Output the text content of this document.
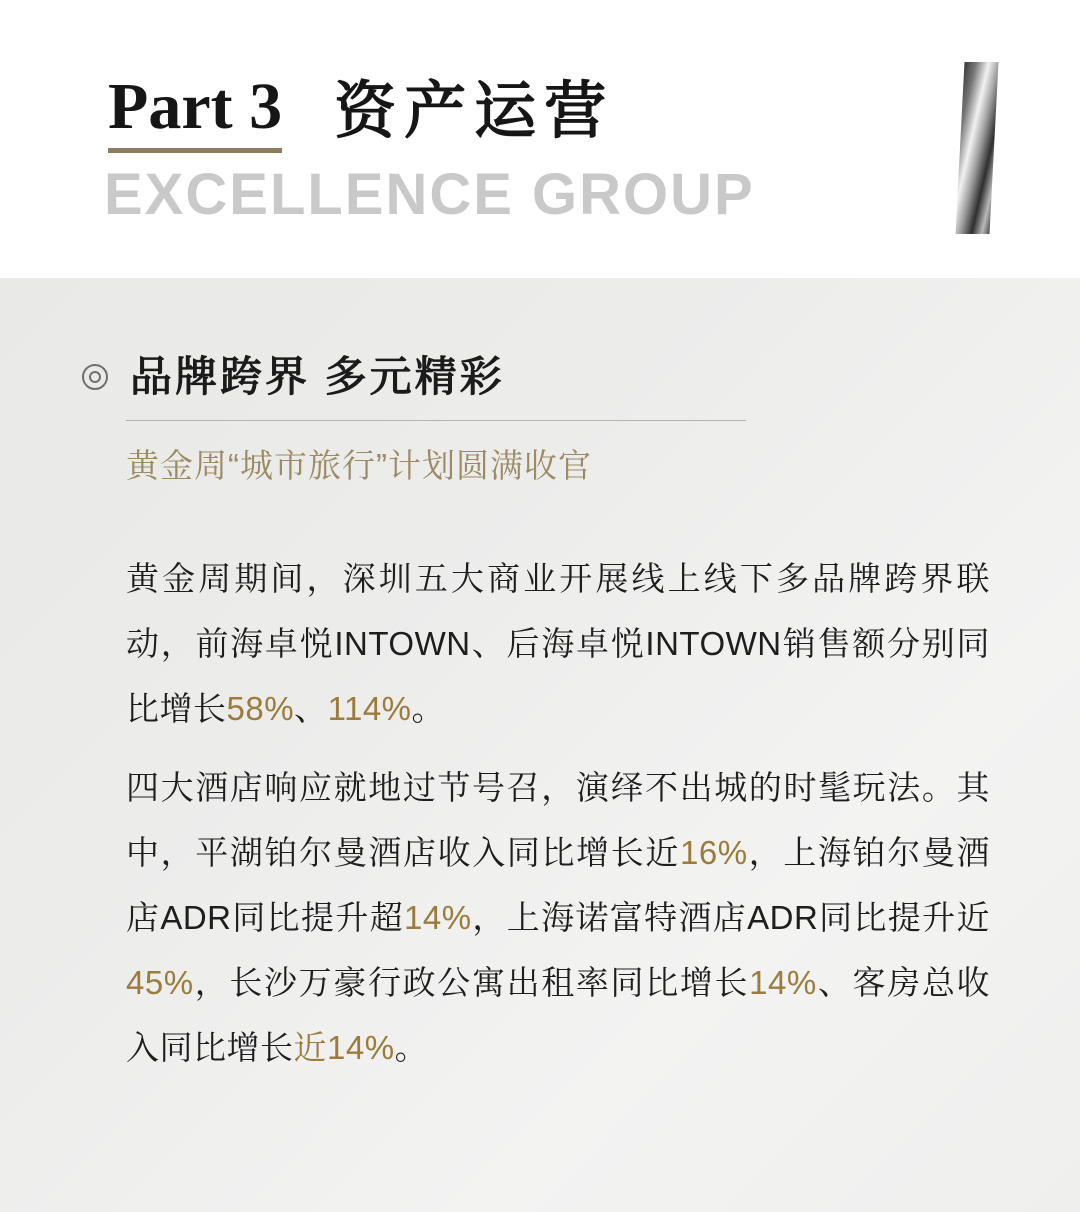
Part 3 资产运营
EXCELLENCE GROUP
品牌跨界 多元精彩
黄金周“城市旅行”计划圆满收官

黄金周期间，深圳五大商业开展线上线下多品牌跨界联动，前海卓悦INTOWN、后海卓悦INTOWN销售额分别同比增长58%、114%。

四大酒店响应就地过节号召，演绎不出城的时髦玩法。其中，平湖铂尔曼酒店收入同比增长近16%，上海铂尔曼酒店ADR同比提升超14%，上海诺富特酒店ADR同比提升近45%，长沙万豪行政公寓出租率同比增长14%、客房总收入同比增长近14%。
